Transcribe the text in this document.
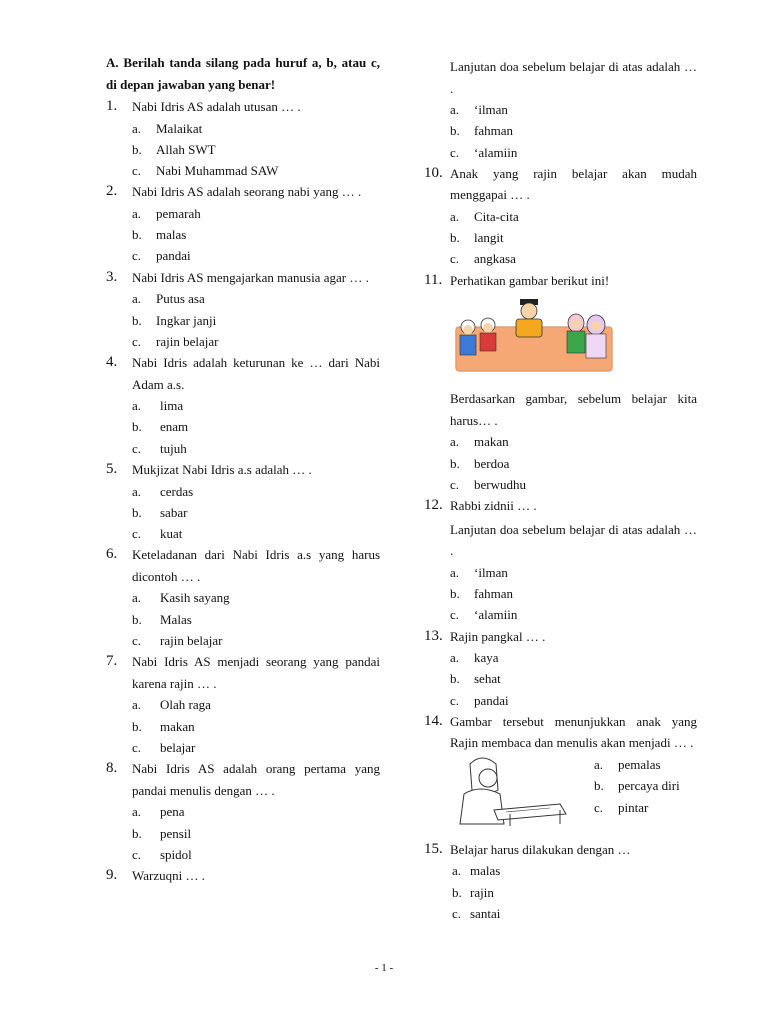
A. Berilah tanda silang pada huruf a, b, atau c, di depan jawaban yang benar!
1. Nabi Idris AS adalah utusan … .
a.	Malaikat
b.	Allah SWT
c.	Nabi Muhammad SAW
2. Nabi Idris AS adalah seorang nabi yang … .
a.	pemarah
b.	malas
c.	pandai
3. Nabi Idris AS mengajarkan manusia agar … .
a.	Putus asa
b.	Ingkar janji
c.	rajin belajar
4. Nabi Idris adalah keturunan ke … dari Nabi Adam a.s.
a.	lima
b.	enam
c.	tujuh
5. Mukjizat Nabi Idris a.s adalah … .
a.	cerdas
b.	sabar
c.	kuat
6. Keteladanan dari Nabi Idris a.s yang harus dicontoh … .
a.	Kasih sayang
b.	Malas
c.	rajin belajar
7. Nabi Idris AS menjadi seorang yang pandai karena rajin … .
a.	Olah raga
b.	makan
c.	belajar
8. Nabi Idris AS adalah orang pertama yang pandai menulis dengan … .
a.	pena
b.	pensil
c.	spidol
9. Warzuqni … .
Lanjutan doa sebelum belajar di atas adalah … .
a.	‘ilman
b.	fahman
c.	‘alamiin
10. Anak yang rajin belajar akan mudah menggapai … .
a.	Cita-cita
b.	langit
c.	angkasa
11. Perhatikan gambar berikut ini!
Berdasarkan gambar, sebelum belajar kita harus… .
a.	makan
b.	berdoa
c.	berwudhu
12. Rabbi zidnii … .
Lanjutan doa sebelum belajar di atas adalah … .
a.	‘ilman
b.	fahman
c.	‘alamiin
13. Rajin pangkal … .
a.	kaya
b.	sehat
c.	pandai
14. Gambar tersebut menunjukkan anak yang Rajin membaca dan menulis akan menjadi … .
a.	pemalas
b.	percaya diri
c.	pintar
15. Belajar harus dilakukan dengan …
a. malas
b. rajin
c. santai
- 1 -
